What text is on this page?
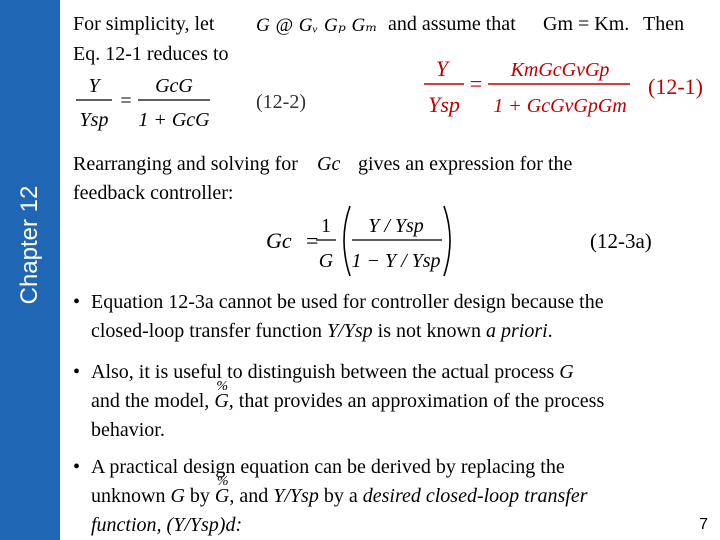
Chapter 12
For simplicity, let G @ Gᵥ Gₚ Gₘ and assume that Gm = Km. Then
Eq. 12-1 reduces to
Y
Ysp
=
GcG
1 + GcG
(12-2)
Y
Ysp
=
KmGcGvGp
1 + GcGvGpGm
(12-1)
Rearranging and solving for Gc gives an expression for the
feedback controller:
Gc =
1
G
Y / Ysp
1 − Y / Ysp
(12-3a)
• Equation 12-3a cannot be used for controller design because the
closed-loop transfer function Y/Ysp is not known a priori.
• Also, it is useful to distinguish between the actual process G
and the model,
%
G, that provides an approximation of the process
behavior.
• A practical design equation can be derived by replacing the
unknown G by
%
G, and Y/Ysp by a desired closed-loop transfer
function, (Y/Ysp)d:	7
